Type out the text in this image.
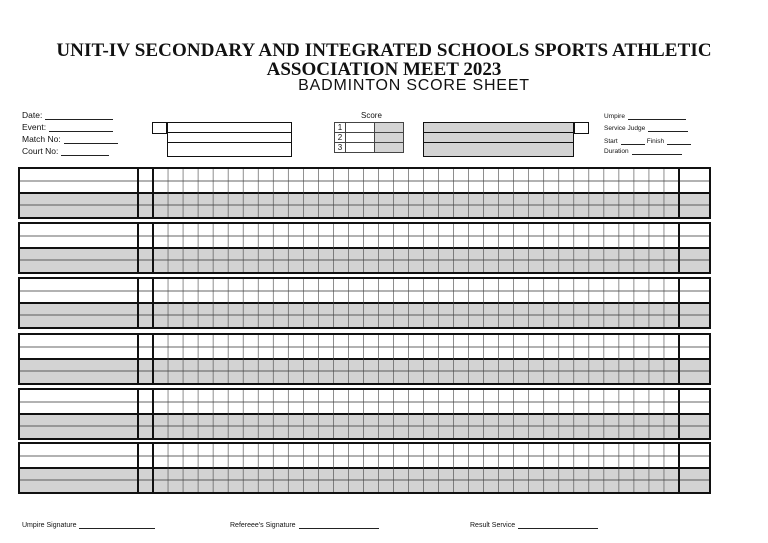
UNIT-IV SECONDARY AND INTEGRATED SCHOOLS SPORTS ATHLETIC
ASSOCIATION MEET 2023
BADMINTON SCORE SHEET
Date:
Event:
Match No:
Court No:
Score
1		
2		
3		
Umpire
Service Judge
Start	Finish
Duration
Umpire Signature	Refereee's Signature	Result Service
